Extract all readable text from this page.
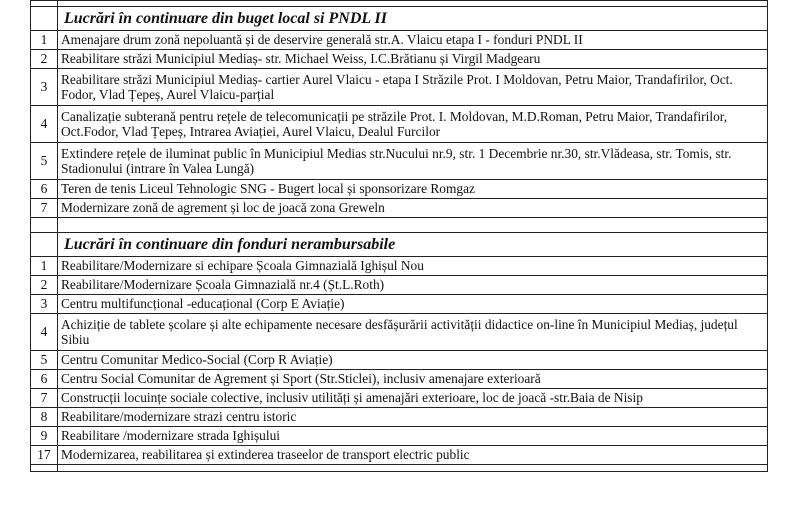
	Lucrări în continuare din buget local si PNDL II
1	Amenajare drum zonă nepoluantă și de deservire generală str.A. Vlaicu etapa I - fonduri PNDL II
2	Reabilitare străzi Municipiul Mediaș- str. Michael Weiss, I.C.Brătianu și Virgil Madgearu
3	Reabilitare străzi Municipiul Mediaș- cartier Aurel Vlaicu - etapa I Străzile Prot. I Moldovan, Petru Maior, Trandafirilor, Oct. Fodor, Vlad Țepeș, Aurel Vlaicu-parțial
4	Canalizație subterană pentru rețele de telecomunicații pe străzile Prot. I. Moldovan, M.D.Roman, Petru Maior, Trandafirilor, Oct.Fodor, Vlad Țepeș, Intrarea Aviației, Aurel Vlaicu, Dealul Furcilor
5	Extindere rețele de iluminat public în Municipiul Medias str.Nucului nr.9, str. 1 Decembrie nr.30, str.Vlădeasa, str. Tomis, str. Stadionului (intrare în Valea Lungă)
6	Teren de tenis Liceul Tehnologic SNG - Bugert local și sponsorizare Romgaz
7	Modernizare zonă de agrement și loc de joacă zona Greweln

	Lucrări în continuare din fonduri nerambursabile
1	Reabilitare/Modernizare si echipare Școala Gimnazială Ighișul Nou
2	Reabilitare/Modernizare Școala Gimnazială nr.4 (Șt.L.Roth)
3	Centru multifuncțional -educațional (Corp E Aviație)
4	Achiziție de tablete școlare și alte echipamente necesare desfășurării activității didactice on-line în Municipiul Mediaș, județul Sibiu
5	Centru Comunitar Medico-Social (Corp R Aviație)
6	Centru Social Comunitar de Agrement și Sport (Str.Sticlei), inclusiv amenajare exterioară
7	Construcții locuințe sociale colective, inclusiv utilități și amenajări exterioare, loc de joacă -str.Baia de Nisip
8	Reabilitare/modernizare strazi centru istoric
9	Reabilitare /modernizare strada Ighișului
17	Modernizarea, reabilitarea și extinderea traseelor de transport electric public
